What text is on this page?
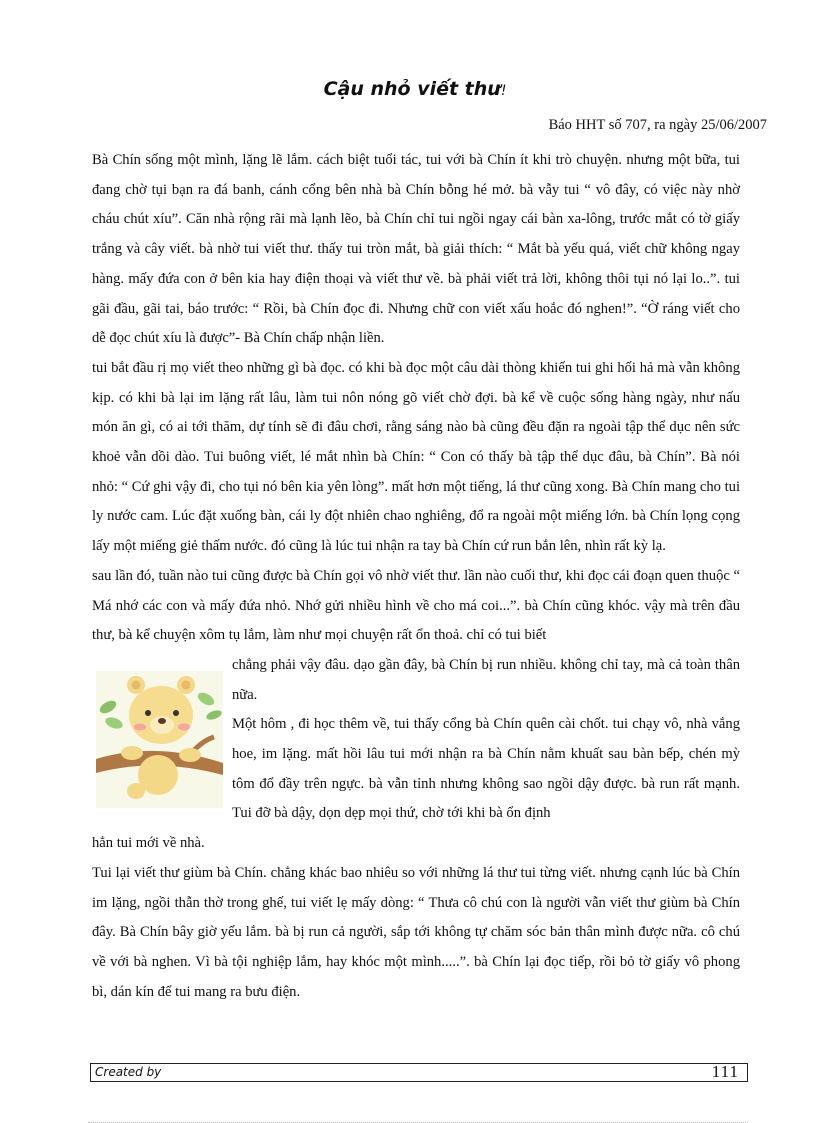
Cậu nhỏ viết thư!
Báo HHT số 707, ra ngày 25/06/2007

Bà Chín sống một mình, lặng lẽ lắm. cách biệt tuổi tác, tui với bà Chín ít khi trò chuyện. nhưng một bữa, tui đang chờ tụi bạn ra đá banh, cánh cổng bên nhà bà Chín bỗng hé mở. bà vẫy tui “ vô đây, có việc này nhờ cháu chút xíu”. Căn nhà rộng rãi mà lạnh lẽo, bà Chín chỉ tui ngồi ngay cái bàn xa-lông, trước mắt có tờ giấy trắng và cây viết. bà nhờ tui viết thư. thấy tui tròn mắt, bà giải thích: “ Mắt bà yếu quá, viết chữ không ngay hàng. mấy đứa con ở bên kia hay điện thoại và viết thư về. bà phải viết trả lời, không thôi tụi nó lại lo..”. tui gãi đầu, gãi tai, báo trước: “ Rồi, bà Chín đọc đi. Nhưng chữ con viết xấu hoắc đó nghen!”. “Ờ ráng viết cho dễ đọc chút xíu là được”- Bà Chín chấp nhận liền.

tui bắt đầu rị mọ viết theo những gì bà đọc. có khi bà đọc một câu dài thòng khiến tui ghi hối hả mà vẫn không kịp. có khi bà lại im lặng rất lâu, làm tui nôn nóng gõ viết chờ đợi. bà kể về cuộc sống hàng ngày, như nấu món ăn gì, có ai tới thăm, dự tính sẽ đi đâu chơi, rằng sáng nào bà cũng đều đặn ra ngoài tập thể dục nên sức khoẻ vẫn dồi dào. Tui buông viết, lé mắt nhìn bà Chín: “ Con có thấy bà tập thể dục đâu, bà Chín”. Bà nói nhỏ: “ Cứ ghi vậy đi, cho tụi nó bên kia yên lòng”. mất hơn một tiếng, lá thư cũng xong. Bà Chín mang cho tui ly nước cam. Lúc đặt xuống bàn, cái ly đột nhiên chao nghiêng, đổ ra ngoài một miếng lớn. bà Chín lọng cọng lấy một miếng giẻ thấm nước. đó cũng là lúc tui nhận ra tay bà Chín cứ run bắn lên, nhìn rất kỳ lạ.

sau lần đó, tuần nào tui cũng được bà Chín gọi vô nhờ viết thư. lần nào cuối thư, khi đọc cái đoạn quen thuộc “ Má nhớ các con và mấy đứa nhỏ. Nhớ gửi nhiều hình về cho má coi...”. bà Chín cũng khóc. vậy mà trên đầu thư, bà kể chuyện xôm tụ lắm, làm như mọi chuyện rất ổn thoả. chỉ có tui biết

chẳng phải vậy đâu. dạo gần đây, bà Chín bị run nhiều. không chỉ tay, mà cả toàn thân nữa.

Một hôm , đi học thêm về, tui thấy cổng bà Chín quên cài chốt. tui chạy vô, nhà vắng hoe, im lặng. mất hồi lâu tui mới nhận ra bà Chín nằm khuất sau bàn bếp, chén mỳ tôm đổ đầy trên ngực. bà vẫn tỉnh nhưng không sao ngồi dậy được. bà run rất mạnh. Tui đỡ bà dậy, dọn dẹp mọi thứ, chờ tới khi bà ổn định

hẳn tui mới về nhà.

Tui lại viết thư giùm bà Chín. chẳng khác bao nhiêu so với những lá thư tui từng viết. nhưng cạnh lúc bà Chín im lặng, ngồi thẫn thờ trong ghế, tui viết lẹ mấy dòng: “ Thưa cô chú con là người vẫn viết thư giùm bà Chín đây. Bà Chín bây giờ yếu lắm. bà bị run cả người, sắp tới không tự chăm sóc bản thân mình được nữa. cô chú về với bà nghen. Vì bà tội nghiệp lắm, hay khóc một mình.....”. bà Chín lại đọc tiếp, rồi bỏ tờ giấy vô phong bì, dán kín để tui mang ra bưu điện.

Created by	111
